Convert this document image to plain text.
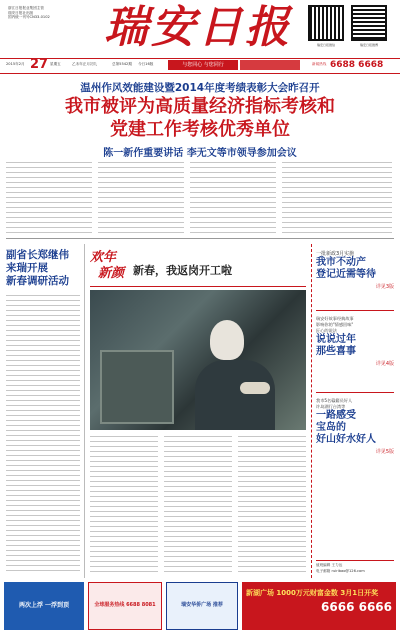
浙江日报报业集团主管
瑞安日报社出版
国内统一刊号CN33-0102	瑞安日报	瑞安日报微信	瑞安日报微博
2015年2月 27 星期五	乙未年正月初九	总第5542期 今日16版	与您同心 与您同行	新闻热线 6688 6668
温州作风效能建设暨2014年度考绩表彰大会昨召开
我市被评为高质量经济指标考核和
党建工作考核优秀单位
陈一新作重要讲话 李无文等市领导参加会议
副省长郑继伟
来瑞开展
新春调研活动
欢年
新颜 新春，我返岗开工啦
一批新政3月实施
我市不动产
登记近需等待
详见3版
瑞安好故事经典故事
影响你的"情感回味"
匠心的说法
说说过年
那些喜事
详见4版
我市5名赣籍员好人
许岛湖行台湾等
一路感受
宝岛的
好山好水好人
详见5版
值班编辑 王力达
电子邮箱 ruiribao@126.com
两次上浮 一浮到顶	全球服务热线 6688 8081	瑞安华侨广场 推荐
新湖广场 1000万元财富金数 3月1日开奖
6666 6666
